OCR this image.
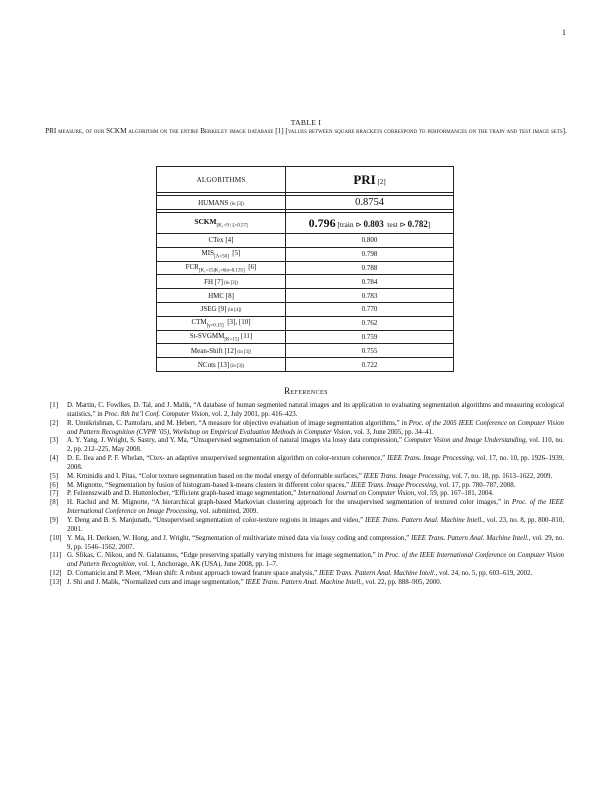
1
TABLE I
PRI measure, of our SCKM algorithm on the entire Berkeley image database [1] [values between square brackets correspond to performances on the train and test image sets].
ALGORITHMS	PRI [2]

HUMANS (in [3])	0.8754

$SCKM_{[K_1=9 | \zeta=0.57]}$	0.796 [train ⊳ 0.803 test ⊳ 0.782]
CTex [4]	0.800
$MIS_{[\Lambda=50]}$  [5]	0.798
$FCR_{[K_1=15|K_2=6|\alpha=0.135]}$  [6]	0.788
FH [7] (in [3])	0.784
HMC [8]	0.783
JSEG [9] (in [4])	0.770
$CTM_{[\gamma=0.15]}$  [3], [10]	0.762
$St-SVGMM_{[K=15]}$ [11]	0.759
Mean-Shift [12] (in [3])	0.755
NCuts [13] (in [3])	0.722
References
[1] D. Martin, C. Fowlkes, D. Tal, and J. Malik, “A database of human segmented natural images and its application to evaluating segmentation algorithms and measuring ecological statistics,” in Proc. 8th Int’l Conf. Computer Vision, vol. 2, July 2001, pp. 416–423.
[2] R. Unnikrishnan, C. Pantofaru, and M. Hebert, “A measure for objective evaluation of image segmentation algorithms,” in Proc. of the 2005 IEEE Conference on Computer Vision and Pattern Recognition (CVPR ’05), Workshop on Empirical Evaluation Methods in Computer Vision, vol. 3, June 2005, pp. 34–41.
[3] A. Y. Yang, J. Wright, S. Sastry, and Y. Ma, “Unsupervised segmentation of natural images via lossy data compression,” Computer Vision and Image Understanding, vol. 110, no. 2, pp. 212–225, May 2008.
[4] D. E. Ilea and P. F. Whelan, “Ctex- an adaptive unsupervised segmentation algorithm on color-texture coherence,” IEEE Trans. Image Processing, vol. 17, no. 10, pp. 1926–1939, 2008.
[5] M. Krninidis and I. Pitas, “Color texture segmentation based on the modal energy of deformable surfaces,” IEEE Trans. Image Processing, vol. 7, no. 18, pp. 1613–1622, 2009.
[6] M. Mignotte, “Segmentation by fusion of histogram-based k-means clusters in different color spaces,” IEEE Trans. Image Processing, vol. 17, pp. 780–787, 2008.
[7] P. Felzenszwalb and D. Huttenlocher, “Efficient graph-based image segmentation,” International Journal on Computer Vision, vol. 59, pp. 167–181, 2004.
[8] H. Rachid and M. Mignotte, “A hierarchical graph-based Markovian clustering approach for the unsupervised segmentation of textured color images,” in Proc. of the IEEE International Conference on Image Processing, vol. submitted, 2009.
[9] Y. Deng and B. S. Manjunath, “Unsupervised segmentation of color-texture regions in images and video,” IEEE Trans. Pattern Anal. Machine Intell., vol. 23, no. 8, pp. 800–810, 2001.
[10] Y. Ma, H. Derksen, W. Hong, and J. Wright, “Segmentation of multivariate mixed data via lossy coding and compression,” IEEE Trans. Pattern Anal. Machine Intell., vol. 29, no. 9, pp. 1546–1562, 2007.
[11] G. Sfikas, C. Nikou, and N. Galatsanos, “Edge preserving spatially varying mixtures for image segmentation,” in Proc. of the IEEE International Conference on Computer Vision and Pattern Recognition, vol. 1, Anchorage, AK (USA), June 2008, pp. 1–7.
[12] D. Comaniciu and P. Meer, “Mean shift: A robust approach toward feature space analysis,” IEEE Trans. Pattern Anal. Machine Intell., vol. 24, no. 5, pp. 603–619, 2002.
[13] J. Shi and J. Malik, “Normalized cuts and image segmentation,” IEEE Trans. Pattern Anal. Machine Intell., vol. 22, pp. 888–905, 2000.
